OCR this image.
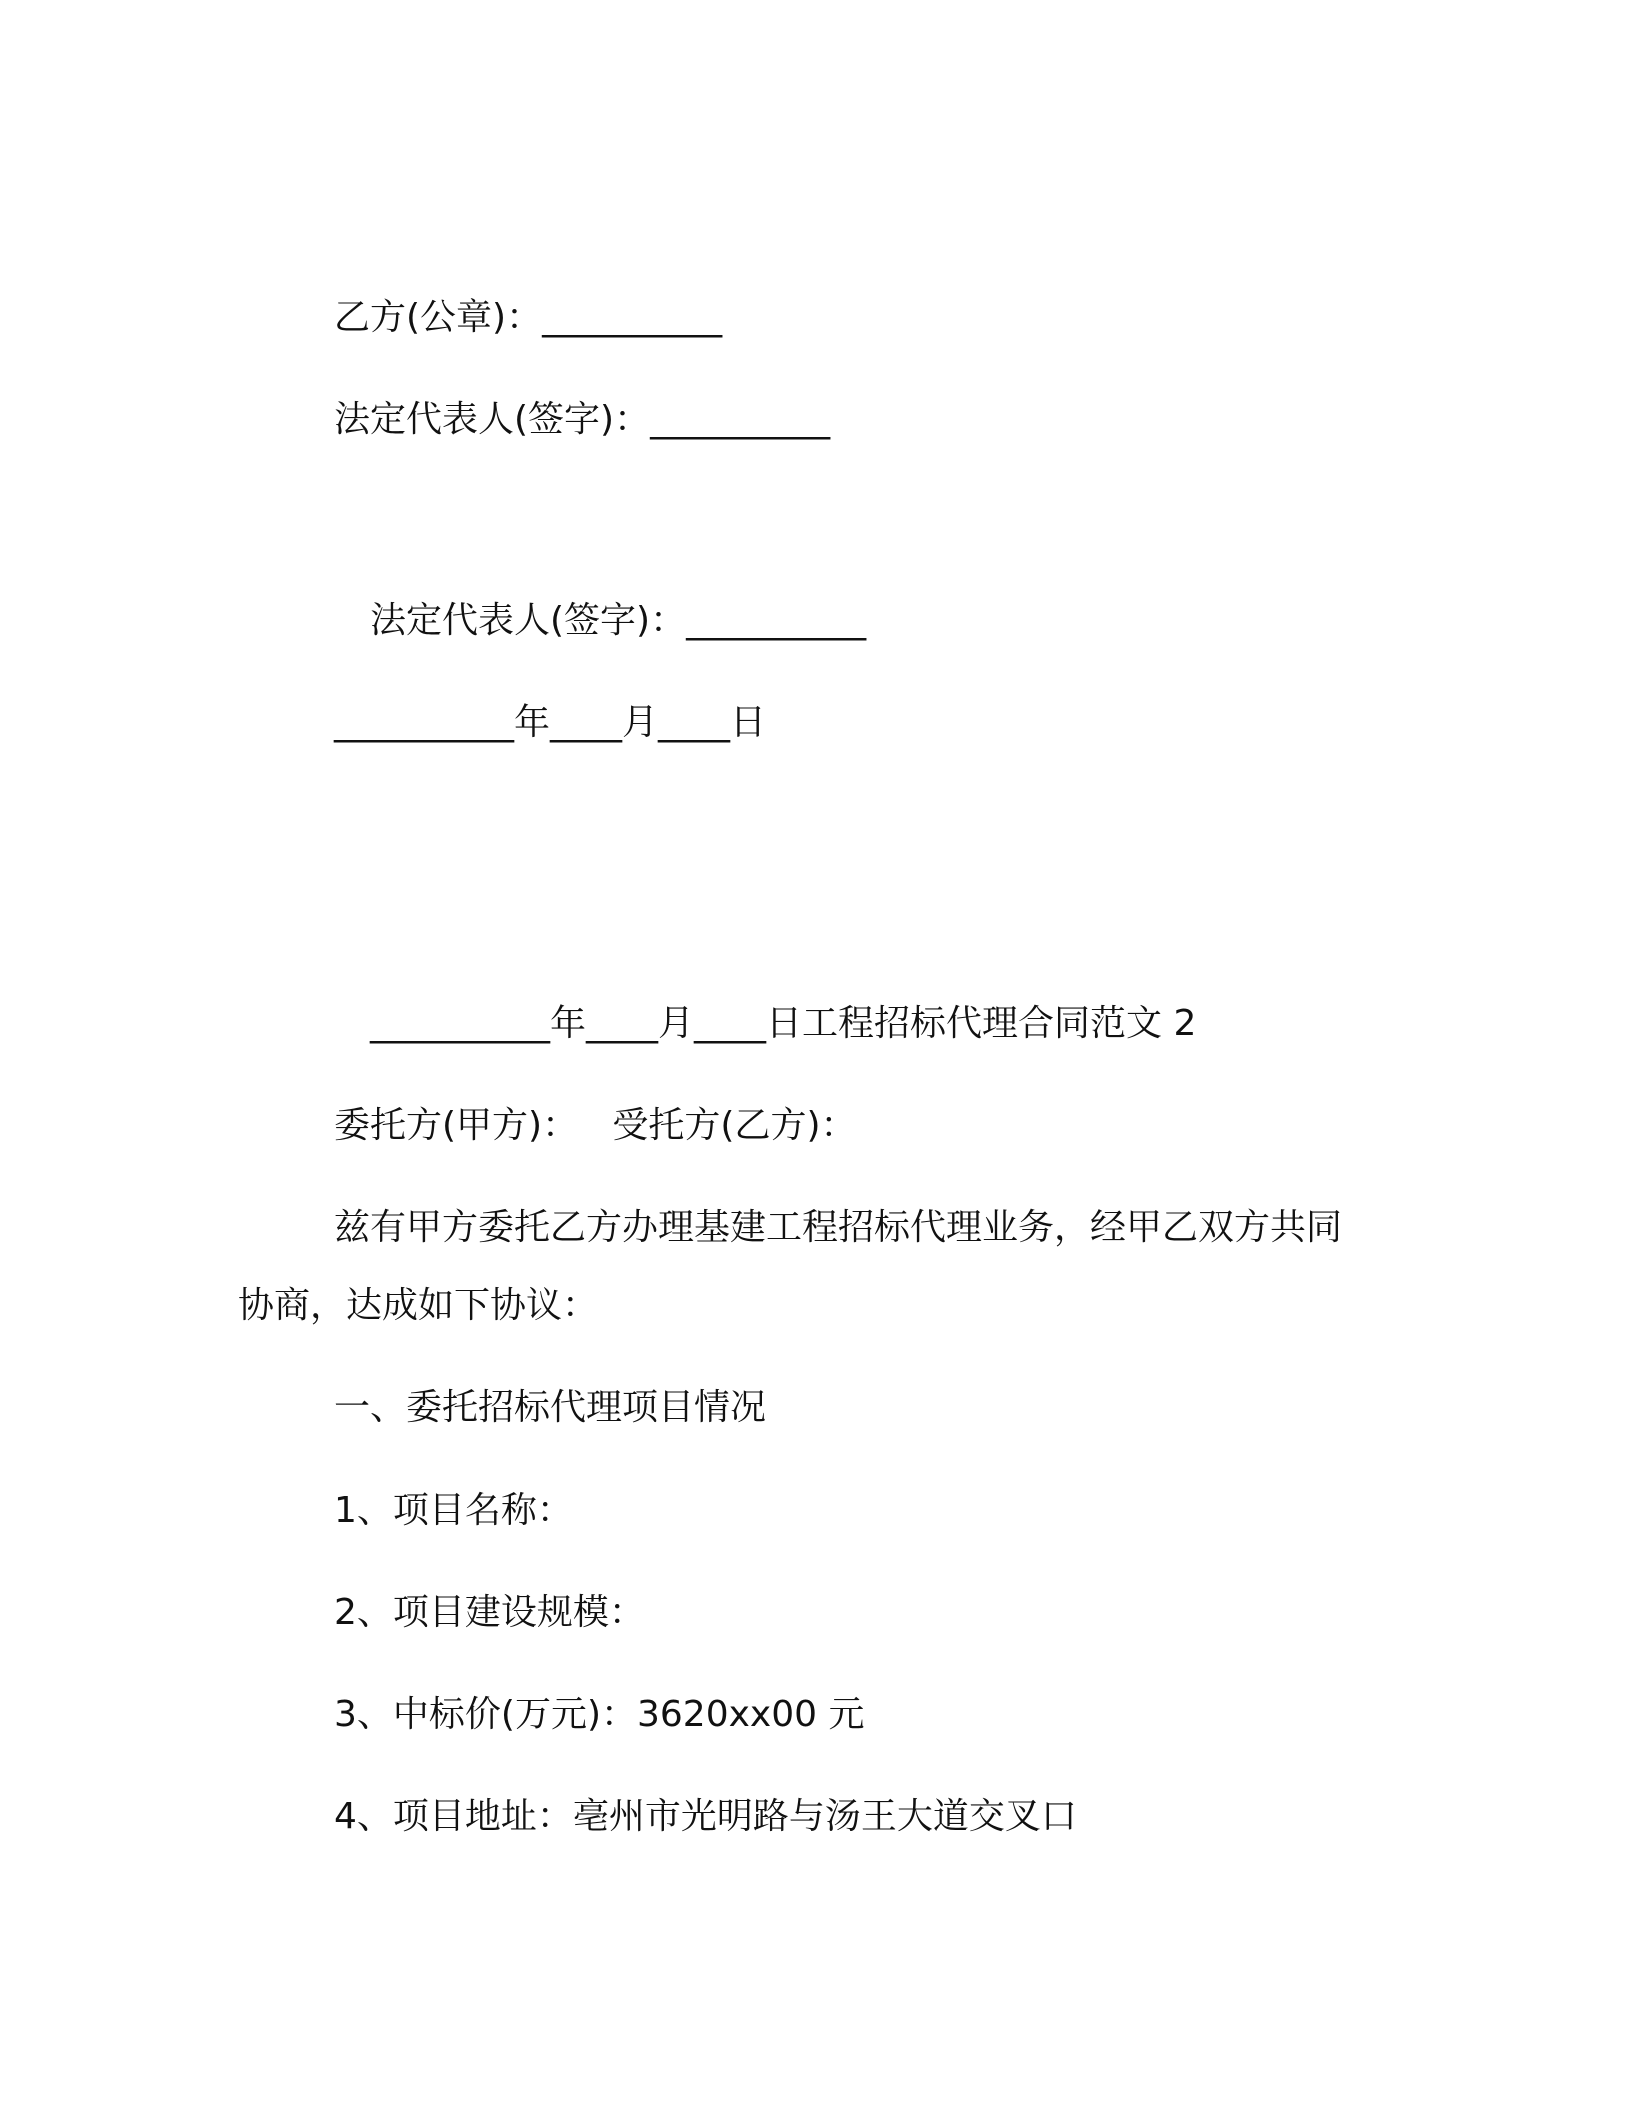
乙方(公章)：__________

法定代表人(签字)：__________

法定代表人(签字)：__________

__________年____月____日

__________年____月____日工程招标代理合同范文 2

委托方(甲方)：   受托方(乙方)：

兹有甲方委托乙方办理基建工程招标代理业务，经甲乙双方共同

协商，达成如下协议：

一、委托招标代理项目情况

1、项目名称：

2、项目建设规模：

3、中标价(万元)：3620xx00 元

4、项目地址：亳州市光明路与汤王大道交叉口
